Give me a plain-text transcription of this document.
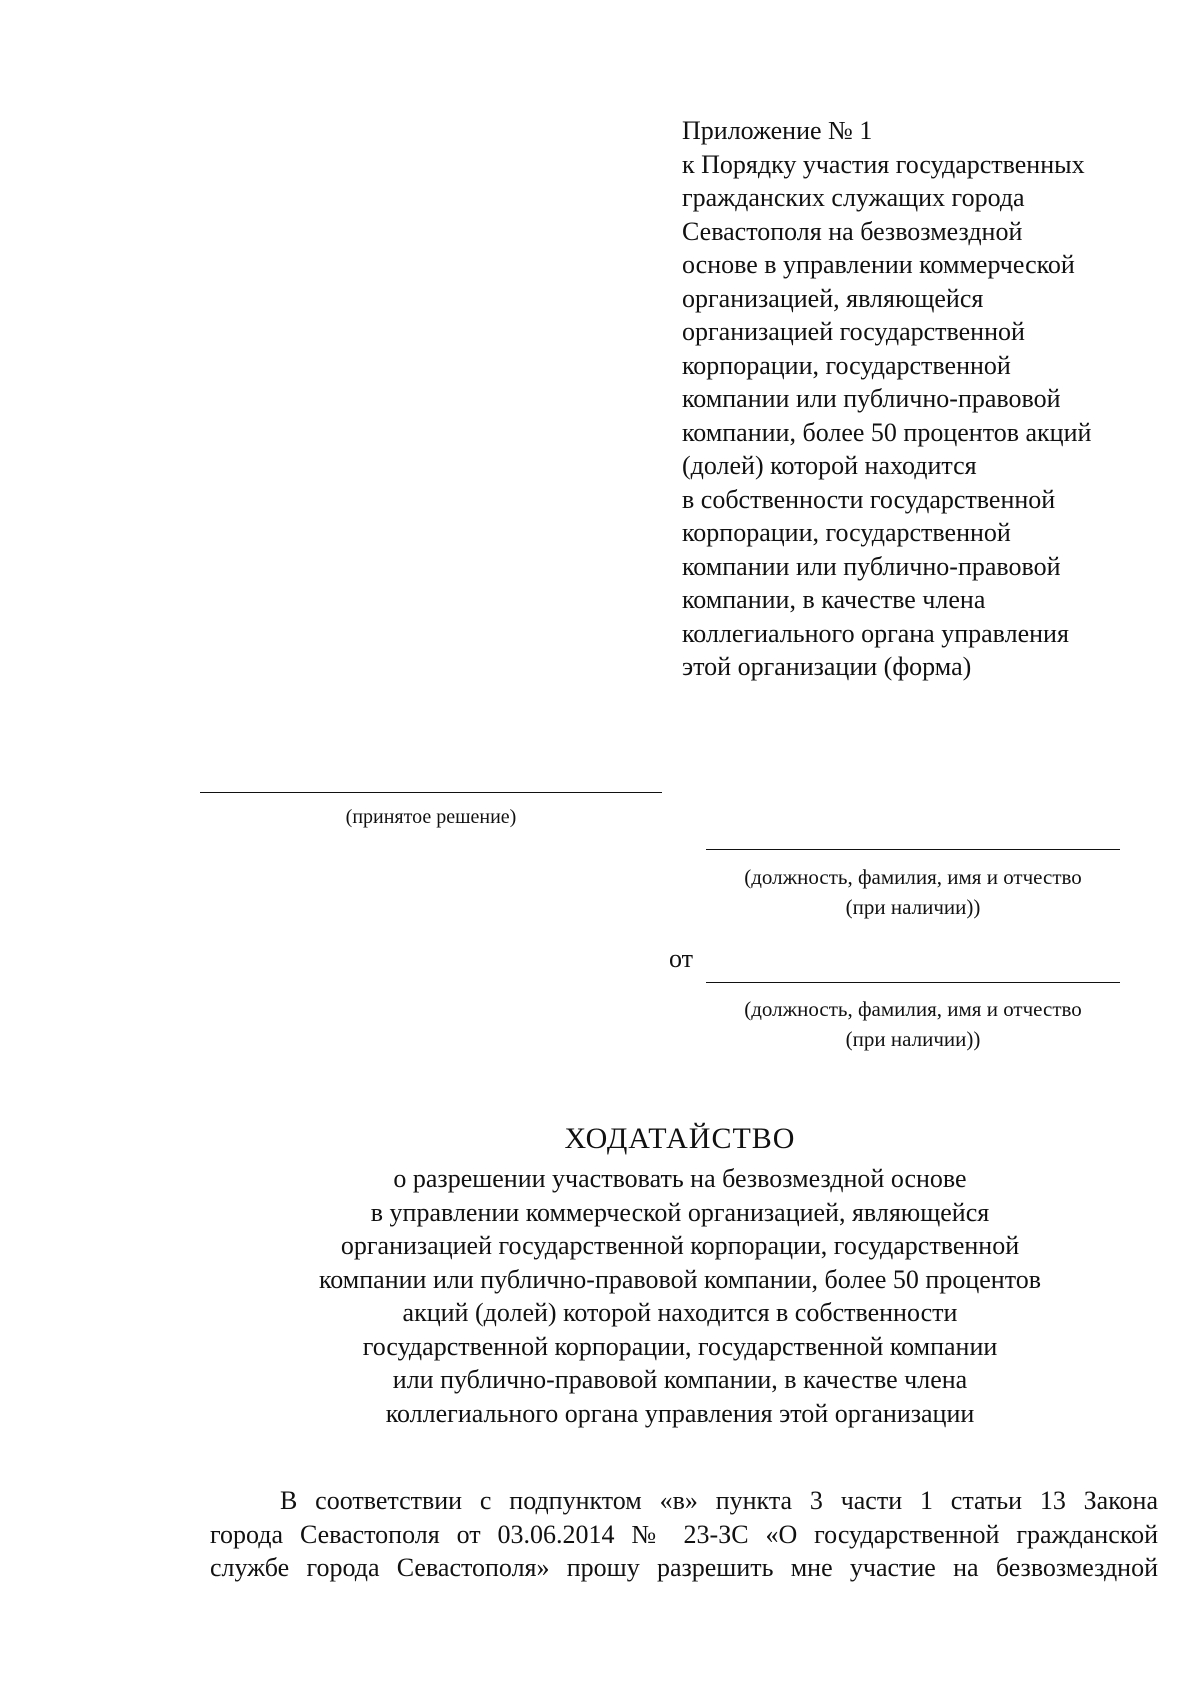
Приложение № 1
к Порядку участия государственных
гражданских служащих города
Севастополя на безвозмездной
основе в управлении коммерческой
организацией, являющейся
организацией государственной
корпорации, государственной
компании или публично-правовой
компании, более 50 процентов акций
(долей) которой находится
в собственности государственной
корпорации, государственной
компании или публично-правовой
компании, в качестве члена
коллегиального органа управления
этой организации (форма)
(принятое решение)
(должность, фамилия, имя и отчество
(при наличии))
от
(должность, фамилия, имя и отчество
(при наличии))
ХОДАТАЙСТВО
о разрешении участвовать на безвозмездной основе
в управлении коммерческой организацией, являющейся
организацией государственной корпорации, государственной
компании или публично-правовой компании, более 50 процентов
акций (долей) которой находится в собственности
государственной корпорации, государственной компании
или публично-правовой компании, в качестве члена
коллегиального органа управления этой организации
В соответствии с подпунктом «в» пункта 3 части 1 статьи 13 Закона
города Севастополя от 03.06.2014 № 23-ЗС «О государственной гражданской
службе города Севастополя» прошу разрешить мне участие на безвозмездной
